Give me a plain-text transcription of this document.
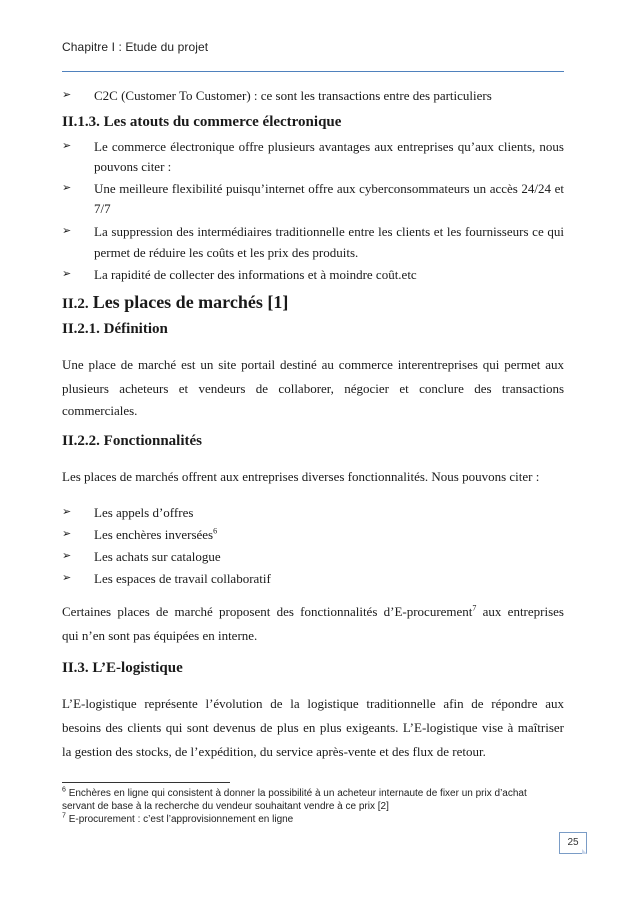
Chapitre I : Etude du projet
➢ C2C (Customer To Customer) : ce sont les transactions entre des particuliers
II.1.3. Les atouts du commerce électronique
➢ Le commerce électronique offre plusieurs avantages aux entreprises qu’aux clients, nous
pouvons citer :
➢ Une meilleure flexibilité puisqu’internet offre aux cyberconsommateurs un accès 24/24 et
7/7
➢ La suppression des intermédiaires traditionnelle entre les clients et les fournisseurs ce qui
permet de réduire les coûts et les prix des produits.
➢ La rapidité de collecter des informations et à moindre coût.etc
II.2. Les places de marchés [1]
II.2.1. Définition
Une place de marché est un site portail destiné au commerce interentreprises qui permet aux
plusieurs acheteurs et vendeurs de collaborer, négocier et conclure des transactions
commerciales.
II.2.2. Fonctionnalités
Les places de marchés offrent aux entreprises diverses fonctionnalités. Nous pouvons citer :
➢ Les appels d’offres
➢ Les enchères inversées$^6$
➢ Les achats sur catalogue
➢ Les espaces de travail collaboratif
Certaines places de marché proposent des fonctionnalités d’E-procurement$^7$ aux entreprises
qui n’en sont pas équipées en interne.
II.3. L’E-logistique
L’E-logistique représente l’évolution de la logistique traditionnelle afin de répondre aux
besoins des clients qui sont devenus de plus en plus exigeants. L’E-logistique vise à maîtriser
la gestion des stocks, de l’expédition, du service après-vente et des flux de retour.
$^6$ Enchères en ligne qui consistent à donner la possibilité à un acheteur internaute de fixer un prix d’achat
servant de base à la recherche du vendeur souhaitant vendre à ce prix [2]
$^7$ E-procurement : c’est l’approvisionnement en ligne
25
